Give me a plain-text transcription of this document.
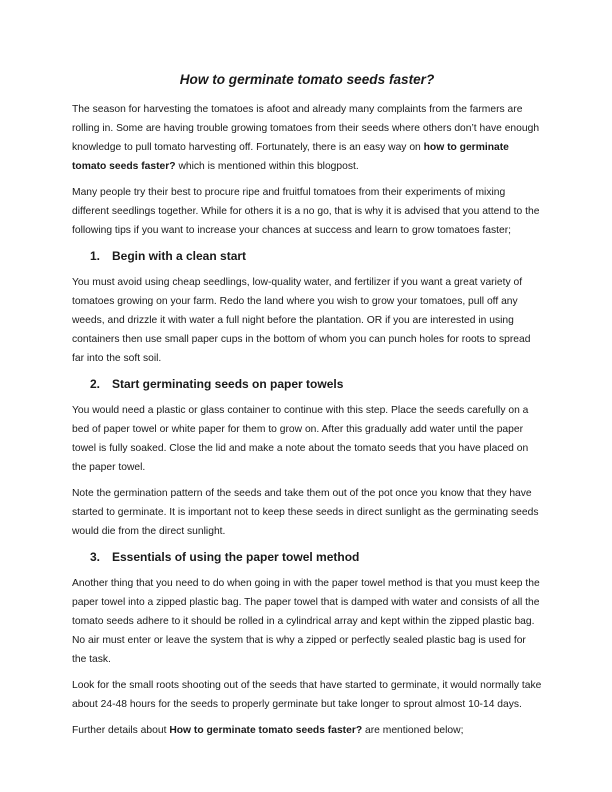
How to germinate tomato seeds faster?

The season for harvesting the tomatoes is afoot and already many complaints from the farmers are rolling in. Some are having trouble growing tomatoes from their seeds where others don’t have enough knowledge to pull tomato harvesting off. Fortunately, there is an easy way on how to germinate tomato seeds faster? which is mentioned within this blogpost.

Many people try their best to procure ripe and fruitful tomatoes from their experiments of mixing different seedlings together. While for others it is a no go, that is why it is advised that you attend to the following tips if you want to increase your chances at success and learn to grow tomatoes faster;

1. Begin with a clean start

You must avoid using cheap seedlings, low-quality water, and fertilizer if you want a great variety of tomatoes growing on your farm. Redo the land where you wish to grow your tomatoes, pull off any weeds, and drizzle it with water a full night before the plantation. OR if you are interested in using containers then use small paper cups in the bottom of whom you can punch holes for roots to spread far into the soft soil.

2. Start germinating seeds on paper towels

You would need a plastic or glass container to continue with this step. Place the seeds carefully on a bed of paper towel or white paper for them to grow on. After this gradually add water until the paper towel is fully soaked. Close the lid and make a note about the tomato seeds that you have placed on the paper towel.

Note the germination pattern of the seeds and take them out of the pot once you know that they have started to germinate. It is important not to keep these seeds in direct sunlight as the germinating seeds would die from the direct sunlight.

3. Essentials of using the paper towel method

Another thing that you need to do when going in with the paper towel method is that you must keep the paper towel into a zipped plastic bag. The paper towel that is damped with water and consists of all the tomato seeds adhere to it should be rolled in a cylindrical array and kept within the zipped plastic bag. No air must enter or leave the system that is why a zipped or perfectly sealed plastic bag is used for the task.

Look for the small roots shooting out of the seeds that have started to germinate, it would normally take about 24-48 hours for the seeds to properly germinate but take longer to sprout almost 10-14 days.

Further details about How to germinate tomato seeds faster? are mentioned below;
